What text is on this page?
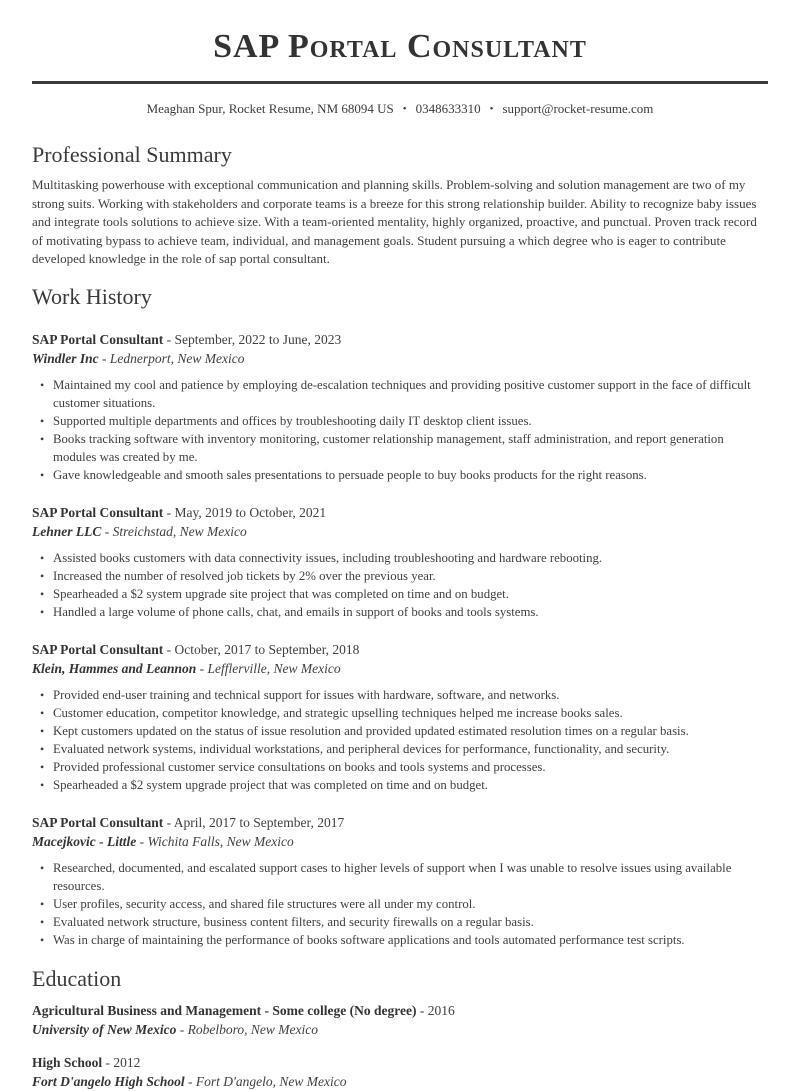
SAP Portal Consultant
Meaghan Spur, Rocket Resume, NM 68094 US • 0348633310 • support@rocket-resume.com
Professional Summary

Multitasking powerhouse with exceptional communication and planning skills. Problem-solving and solution management are two of my strong suits. Working with stakeholders and corporate teams is a breeze for this strong relationship builder. Ability to recognize baby issues and integrate tools solutions to achieve size. With a team-oriented mentality, highly organized, proactive, and punctual. Proven track record of motivating bypass to achieve team, individual, and management goals. Student pursuing a which degree who is eager to contribute developed knowledge in the role of sap portal consultant.

Work History
SAP Portal Consultant - September, 2022 to June, 2023
Windler Inc - Lednerport, New Mexico
• Maintained my cool and patience by employing de-escalation techniques and providing positive customer support in the face of difficult customer situations.
• Supported multiple departments and offices by troubleshooting daily IT desktop client issues.
• Books tracking software with inventory monitoring, customer relationship management, staff administration, and report generation modules was created by me.
• Gave knowledgeable and smooth sales presentations to persuade people to buy books products for the right reasons.
SAP Portal Consultant - May, 2019 to October, 2021
Lehner LLC - Streichstad, New Mexico
• Assisted books customers with data connectivity issues, including troubleshooting and hardware rebooting.
• Increased the number of resolved job tickets by 2% over the previous year.
• Spearheaded a $2 system upgrade site project that was completed on time and on budget.
• Handled a large volume of phone calls, chat, and emails in support of books and tools systems.
SAP Portal Consultant - October, 2017 to September, 2018
Klein, Hammes and Leannon - Lefflerville, New Mexico
• Provided end-user training and technical support for issues with hardware, software, and networks.
• Customer education, competitor knowledge, and strategic upselling techniques helped me increase books sales.
• Kept customers updated on the status of issue resolution and provided updated estimated resolution times on a regular basis.
• Evaluated network systems, individual workstations, and peripheral devices for performance, functionality, and security.
• Provided professional customer service consultations on books and tools systems and processes.
• Spearheaded a $2 system upgrade project that was completed on time and on budget.
SAP Portal Consultant - April, 2017 to September, 2017
Macejkovic - Little - Wichita Falls, New Mexico
• Researched, documented, and escalated support cases to higher levels of support when I was unable to resolve issues using available resources.
• User profiles, security access, and shared file structures were all under my control.
• Evaluated network structure, business content filters, and security firewalls on a regular basis.
• Was in charge of maintaining the performance of books software applications and tools automated performance test scripts.
Education
Agricultural Business and Management - Some college (No degree) - 2016
University of New Mexico - Robelboro, New Mexico
High School - 2012
Fort D'angelo High School - Fort D'angelo, New Mexico
